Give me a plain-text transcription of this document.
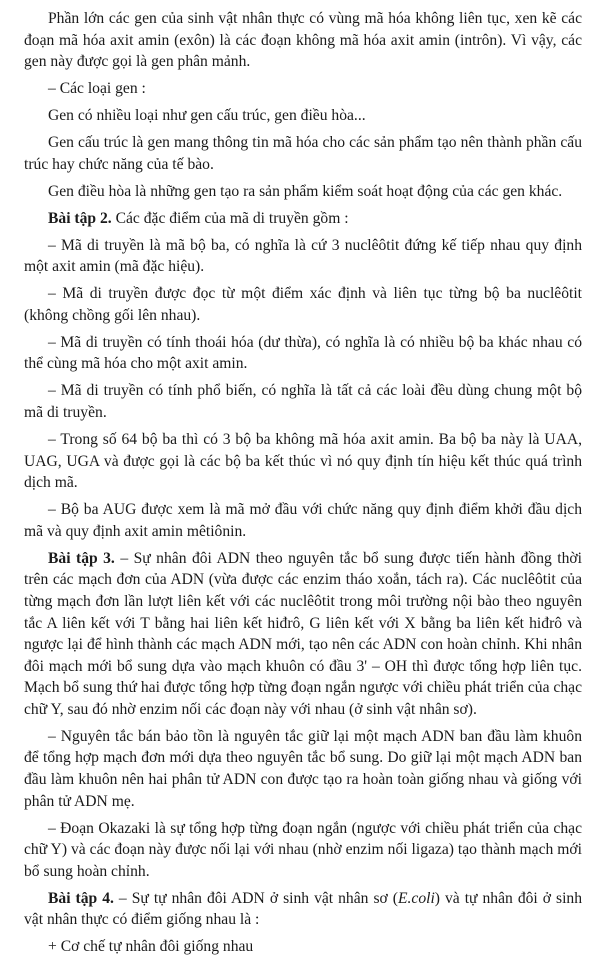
Phần lớn các gen của sinh vật nhân thực có vùng mã hóa không liên tục, xen kẽ các đoạn mã hóa axit amin (exôn) là các đoạn không mã hóa axit amin (intrôn). Vì vậy, các gen này được gọi là gen phân mảnh.

– Các loại gen :

Gen có nhiều loại như gen cấu trúc, gen điều hòa...

Gen cấu trúc là gen mang thông tin mã hóa cho các sản phẩm tạo nên thành phần cấu trúc hay chức năng của tế bào.

Gen điều hòa là những gen tạo ra sản phẩm kiểm soát hoạt động của các gen khác.

Bài tập 2. Các đặc điểm của mã di truyền gồm :

– Mã di truyền là mã bộ ba, có nghĩa là cứ 3 nuclêôtit đứng kế tiếp nhau quy định một axit amin (mã đặc hiệu).

– Mã di truyền được đọc từ một điểm xác định và liên tục từng bộ ba nuclêôtit (không chồng gối lên nhau).

– Mã di truyền có tính thoái hóa (dư thừa), có nghĩa là có nhiều bộ ba khác nhau có thể cùng mã hóa cho một axit amin.

– Mã di truyền có tính phổ biến, có nghĩa là tất cả các loài đều dùng chung một bộ mã di truyền.

– Trong số 64 bộ ba thì có 3 bộ ba không mã hóa axit amin. Ba bộ ba này là UAA, UAG, UGA và được gọi là các bộ ba kết thúc vì nó quy định tín hiệu kết thúc quá trình dịch mã.

– Bộ ba AUG được xem là mã mở đầu với chức năng quy định điểm khởi đầu dịch mã và quy định axit amin mêtiônin.

Bài tập 3. – Sự nhân đôi ADN theo nguyên tắc bổ sung được tiến hành đồng thời trên các mạch đơn của ADN (vừa được các enzim tháo xoắn, tách ra). Các nuclêôtit của từng mạch đơn lần lượt liên kết với các nuclêôtit trong môi trường nội bào theo nguyên tắc A liên kết với T bằng hai liên kết hiđrô, G liên kết với X bằng ba liên kết hiđrô và ngược lại để hình thành các mạch ADN mới, tạo nên các ADN con hoàn chỉnh. Khi nhân đôi mạch mới bổ sung dựa vào mạch khuôn có đầu 3' – OH thì được tổng hợp liên tục. Mạch bổ sung thứ hai được tổng hợp từng đoạn ngắn ngược với chiều phát triển của chạc chữ Y, sau đó nhờ enzim nối các đoạn này với nhau (ở sinh vật nhân sơ).

– Nguyên tắc bán bảo tồn là nguyên tắc giữ lại một mạch ADN ban đầu làm khuôn để tổng hợp mạch đơn mới dựa theo nguyên tắc bổ sung. Do giữ lại một mạch ADN ban đầu làm khuôn nên hai phân tử ADN con được tạo ra hoàn toàn giống nhau và giống với phân tử ADN mẹ.

– Đoạn Okazaki là sự tổng hợp từng đoạn ngắn (ngược với chiều phát triển của chạc chữ Y) và các đoạn này được nối lại với nhau (nhờ enzim nối ligaza) tạo thành mạch mới bổ sung hoàn chỉnh.

Bài tập 4. – Sự tự nhân đôi ADN ở sinh vật nhân sơ (E.coli) và tự nhân đôi ở sinh vật nhân thực có điểm giống nhau là :

+ Cơ chế tự nhân đôi giống nhau
